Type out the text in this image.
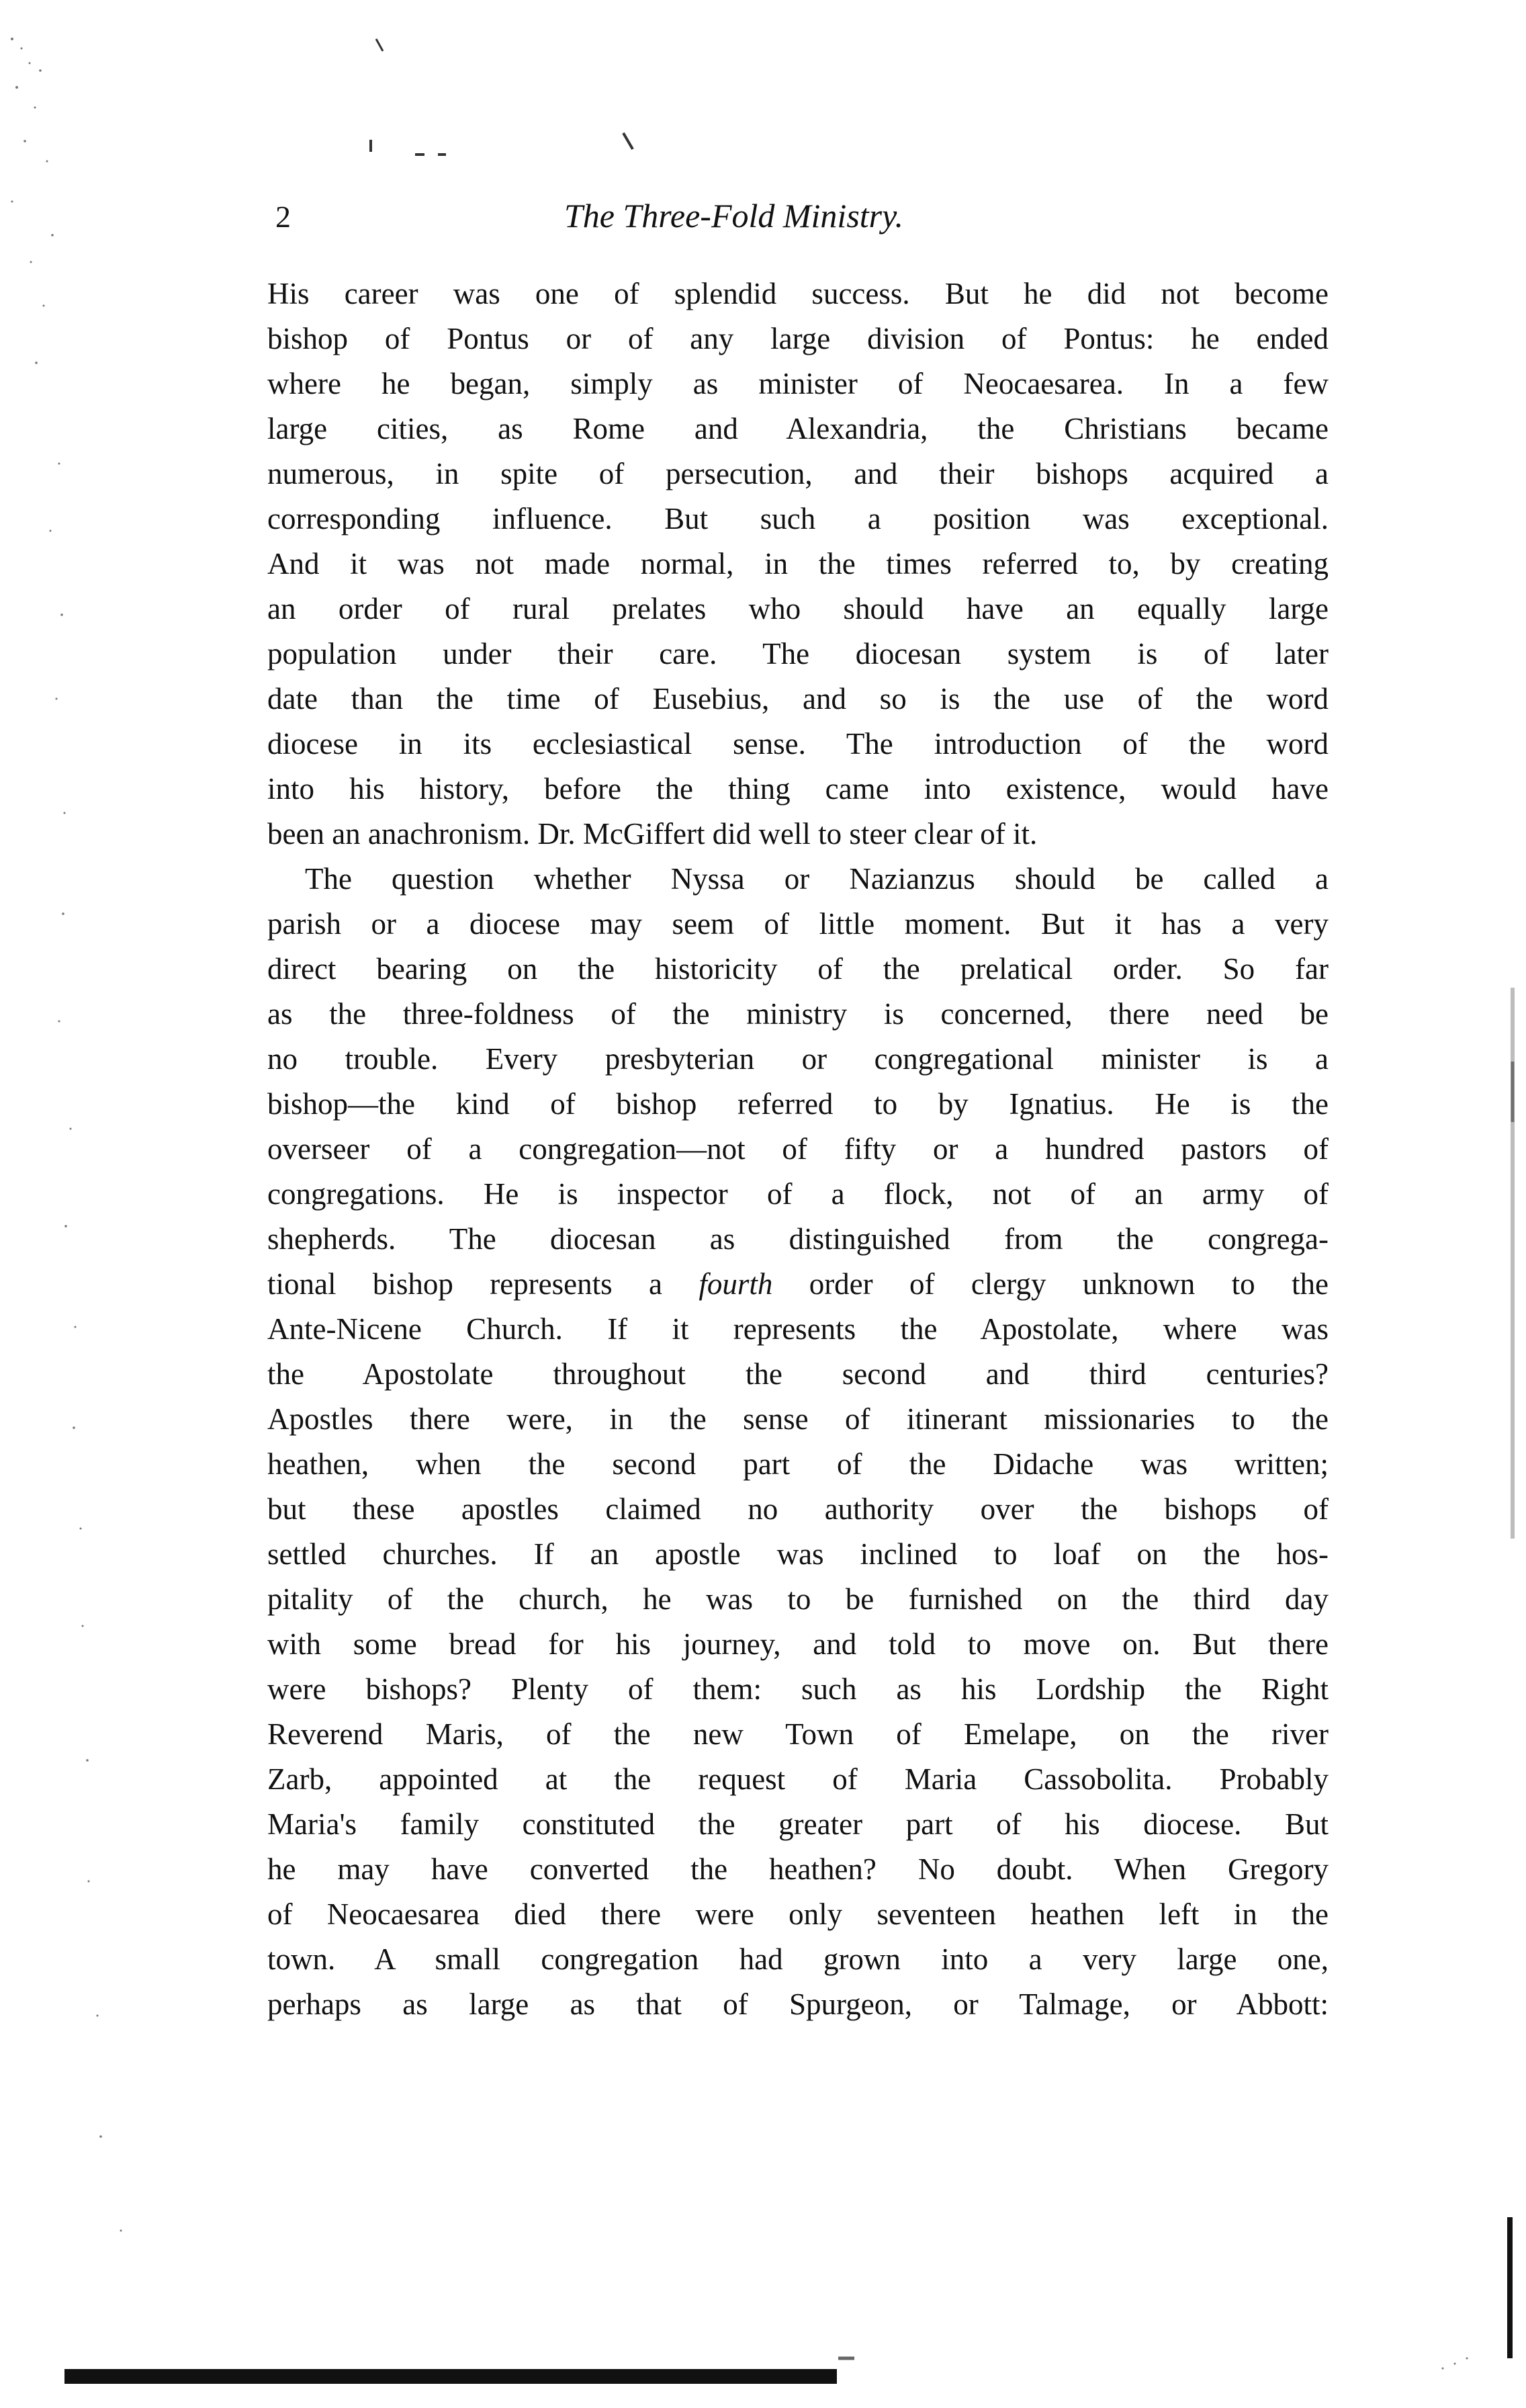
2	The Three-Fold Ministry.
His career was one of splendid success. But he did not become
bishop of Pontus or of any large division of Pontus: he ended
where he began, simply as minister of Neocaesarea. In a few
large cities, as Rome and Alexandria, the Christians became
numerous, in spite of persecution, and their bishops acquired a
corresponding influence. But such a position was exceptional.
And it was not made normal, in the times referred to, by creating
an order of rural prelates who should have an equally large
population under their care. The diocesan system is of later
date than the time of Eusebius, and so is the use of the word
diocese in its ecclesiastical sense. The introduction of the word
into his history, before the thing came into existence, would have
been an anachronism. Dr. McGiffert did well to steer clear of it.
The question whether Nyssa or Nazianzus should be called a
parish or a diocese may seem of little moment. But it has a very
direct bearing on the historicity of the prelatical order. So far
as the three-foldness of the ministry is concerned, there need be
no trouble. Every presbyterian or congregational minister is a
bishop—the kind of bishop referred to by Ignatius. He is the
overseer of a congregation—not of fifty or a hundred pastors of
congregations. He is inspector of a flock, not of an army of
shepherds. The diocesan as distinguished from the congrega-
tional bishop represents a fourth order of clergy unknown to the
Ante-Nicene Church. If it represents the Apostolate, where was
the Apostolate throughout the second and third centuries?
Apostles there were, in the sense of itinerant missionaries to the
heathen, when the second part of the Didache was written;
but these apostles claimed no authority over the bishops of
settled churches. If an apostle was inclined to loaf on the hos-
pitality of the church, he was to be furnished on the third day
with some bread for his journey, and told to move on. But there
were bishops? Plenty of them: such as his Lordship the Right
Reverend Maris, of the new Town of Emelape, on the river
Zarb, appointed at the request of Maria Cassobolita. Probably
Maria's family constituted the greater part of his diocese. But
he may have converted the heathen? No doubt. When Gregory
of Neocaesarea died there were only seventeen heathen left in the
town. A small congregation had grown into a very large one,
perhaps as large as that of Spurgeon, or Talmage, or Abbott:
